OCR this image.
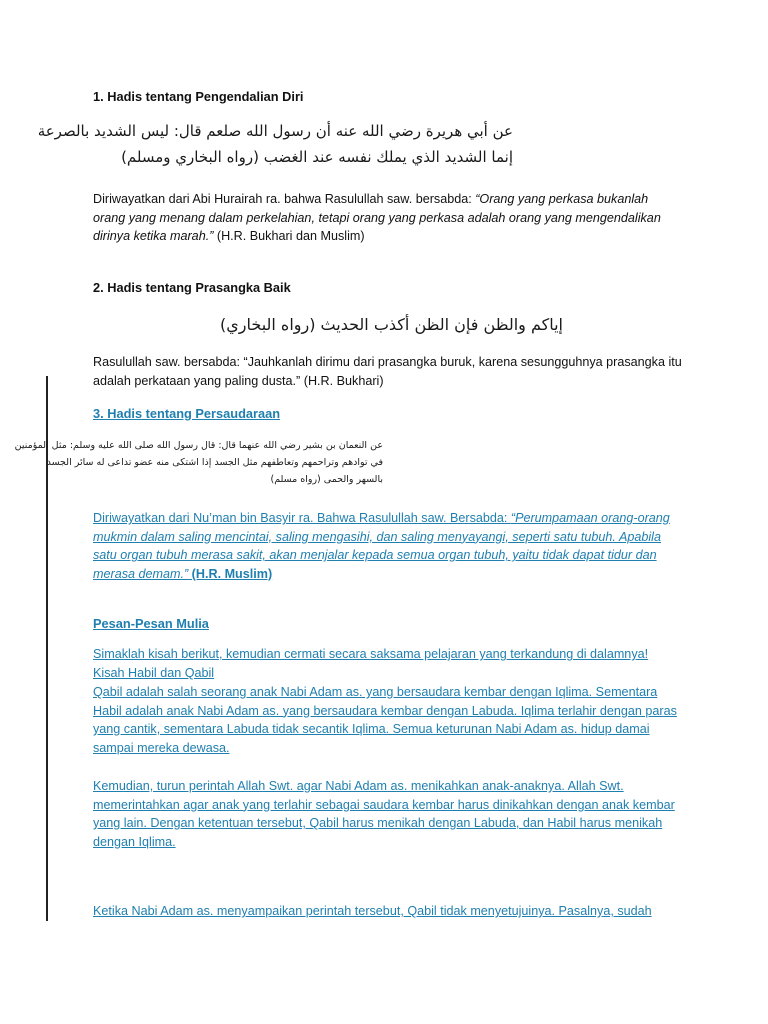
1. Hadis tentang Pengendalian Diri
عن أبي هريرة رضي الله عنه أن رسول الله صلعم قال: ليس الشديد بالصرعة
إنما الشديد الذي يملك نفسه عند الغضب (رواه البخاري ومسلم)
Diriwayatkan dari Abi Hurairah ra. bahwa Rasulullah saw. bersabda: “Orang yang perkasa bukanlah orang yang menang dalam perkelahian, tetapi orang yang perkasa adalah orang yang mengendalikan dirinya ketika marah.” (H.R. Bukhari dan Muslim)
2. Hadis tentang Prasangka Baik
إياكم والظن فإن الظن أكذب الحديث (رواه البخاري)
Rasulullah saw. bersabda: “Jauhkanlah dirimu dari prasangka buruk, karena sesungguhnya prasangka itu adalah perkataan yang paling dusta.” (H.R. Bukhari)
3. Hadis tentang Persaudaraan
عن النعمان بن بشير رضي الله عنهما قال: قال رسول الله صلى الله عليه وسلم: مثل المؤمنين
في توادهم وتراحمهم وتعاطفهم مثل الجسد إذا اشتكى منه عضو تداعى له سائر الجسد
بالسهر والحمى (رواه مسلم)
Diriwayatkan dari Nu’man bin Basyir ra. Bahwa Rasulullah saw. Bersabda: “Perumpamaan orang-orang mukmin dalam saling mencintai, saling mengasihi, dan saling menyayangi, seperti satu tubuh. Apabila satu organ tubuh merasa sakit, akan menjalar kepada semua organ tubuh, yaitu tidak dapat tidur dan merasa demam.” (H.R. Muslim)
Pesan-Pesan Mulia
Simaklah kisah berikut, kemudian cermati secara saksama pelajaran yang terkandung di dalamnya!
Kisah Habil dan Qabil
Qabil adalah salah seorang anak Nabi Adam as. yang bersaudara kembar dengan Iqlima. Sementara Habil adalah anak Nabi Adam as. yang bersaudara kembar dengan Labuda. Iqlima terlahir dengan paras yang cantik, sementara Labuda tidak secantik Iqlima. Semua keturunan Nabi Adam as. hidup damai sampai mereka dewasa.
Kemudian, turun perintah Allah Swt. agar Nabi Adam as. menikahkan anak-anaknya. Allah Swt. memerintahkan agar anak yang terlahir sebagai saudara kembar harus dinikahkan dengan anak kembar yang lain. Dengan ketentuan tersebut, Qabil harus menikah dengan Labuda, dan Habil harus menikah dengan Iqlima.
Ketika Nabi Adam as. menyampaikan perintah tersebut, Qabil tidak menyetujuinya. Pasalnya, sudah
